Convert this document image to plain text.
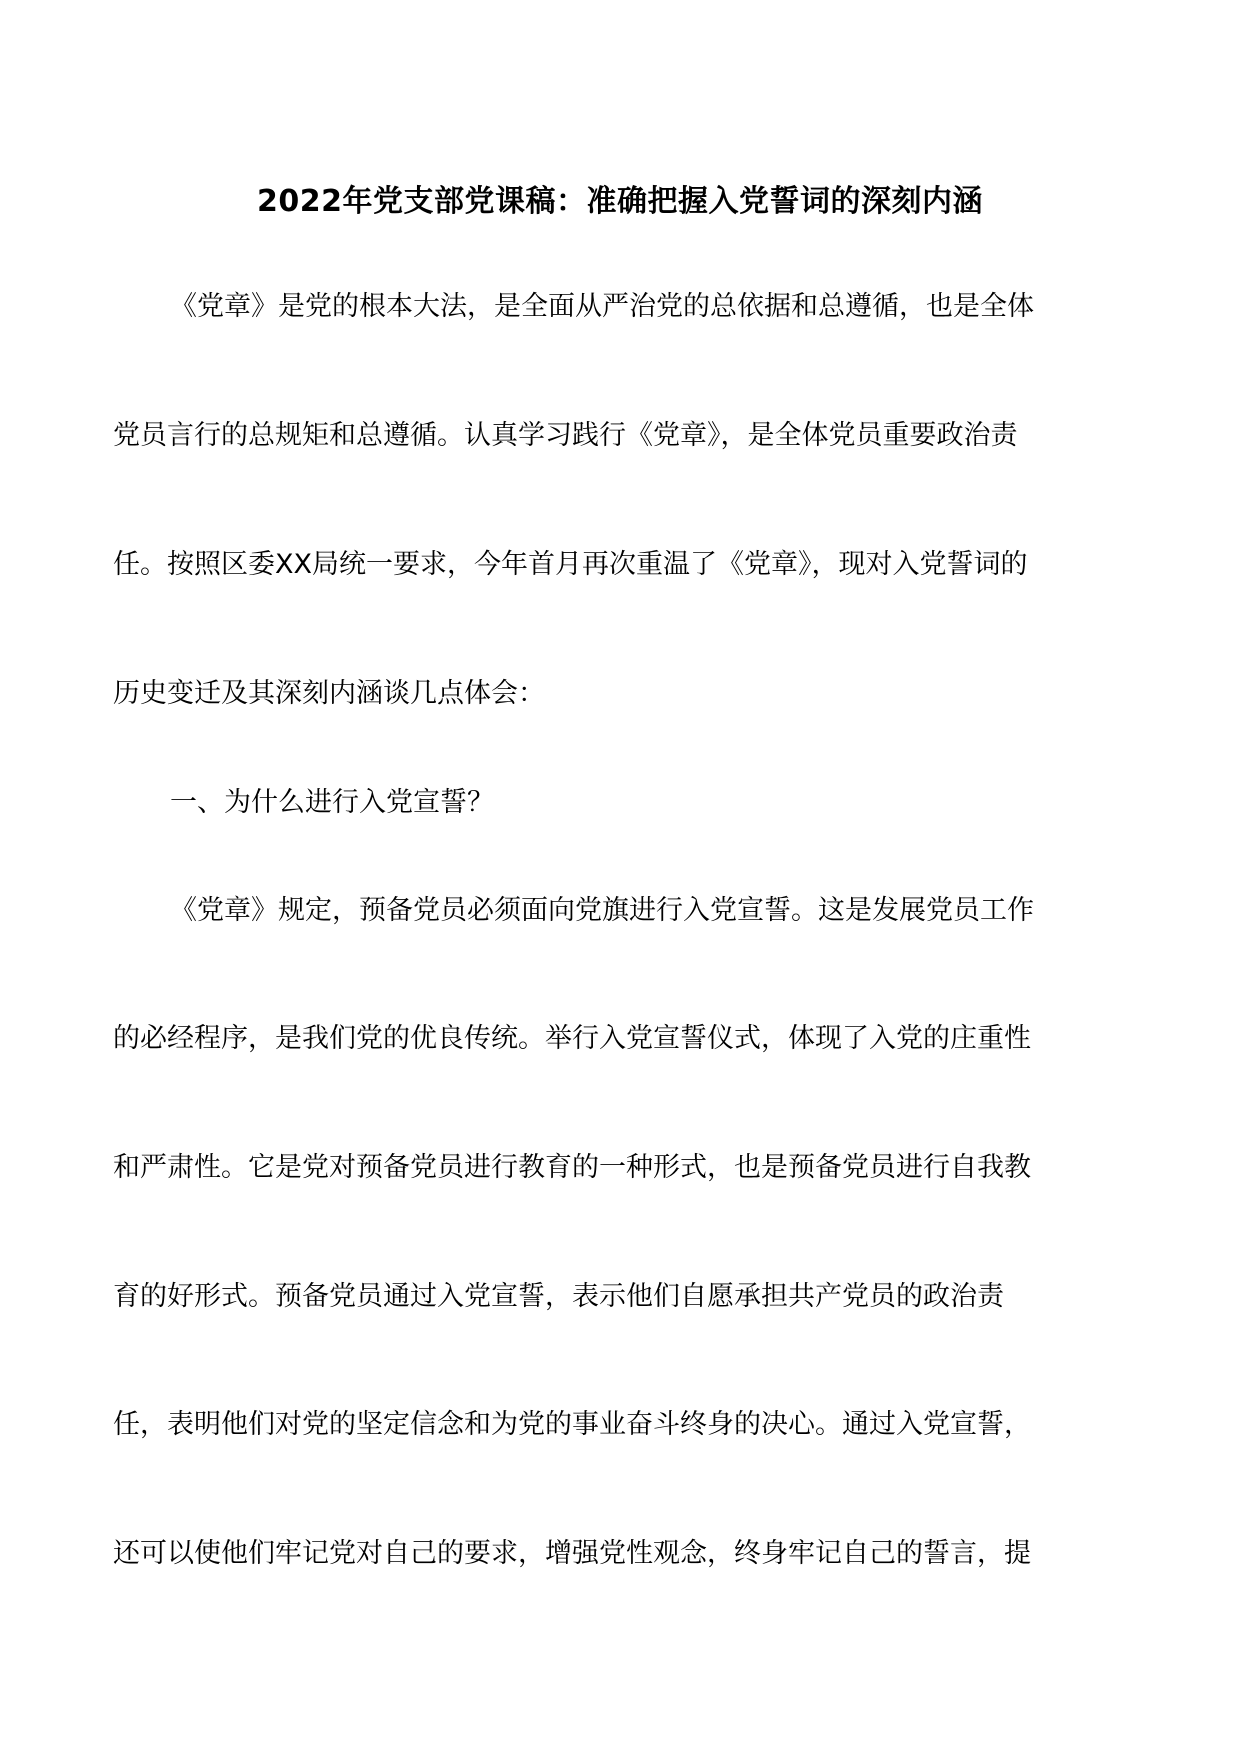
2022年党支部党课稿：准确把握入党誓词的深刻内涵
《党章》是党的根本大法，是全面从严治党的总依据和总遵循，也是全体
党员言行的总规矩和总遵循。认真学习践行《党章》，是全体党员重要政治责
任。按照区委XX局统一要求，今年首月再次重温了《党章》，现对入党誓词的
历史变迁及其深刻内涵谈几点体会：
一、为什么进行入党宣誓？
《党章》规定，预备党员必须面向党旗进行入党宣誓。这是发展党员工作
的必经程序，是我们党的优良传统。举行入党宣誓仪式，体现了入党的庄重性
和严肃性。它是党对预备党员进行教育的一种形式，也是预备党员进行自我教
育的好形式。预备党员通过入党宣誓，表示他们自愿承担共产党员的政治责
任，表明他们对党的坚定信念和为党的事业奋斗终身的决心。通过入党宣誓，
还可以使他们牢记党对自己的要求，增强党性观念，终身牢记自己的誓言，提
